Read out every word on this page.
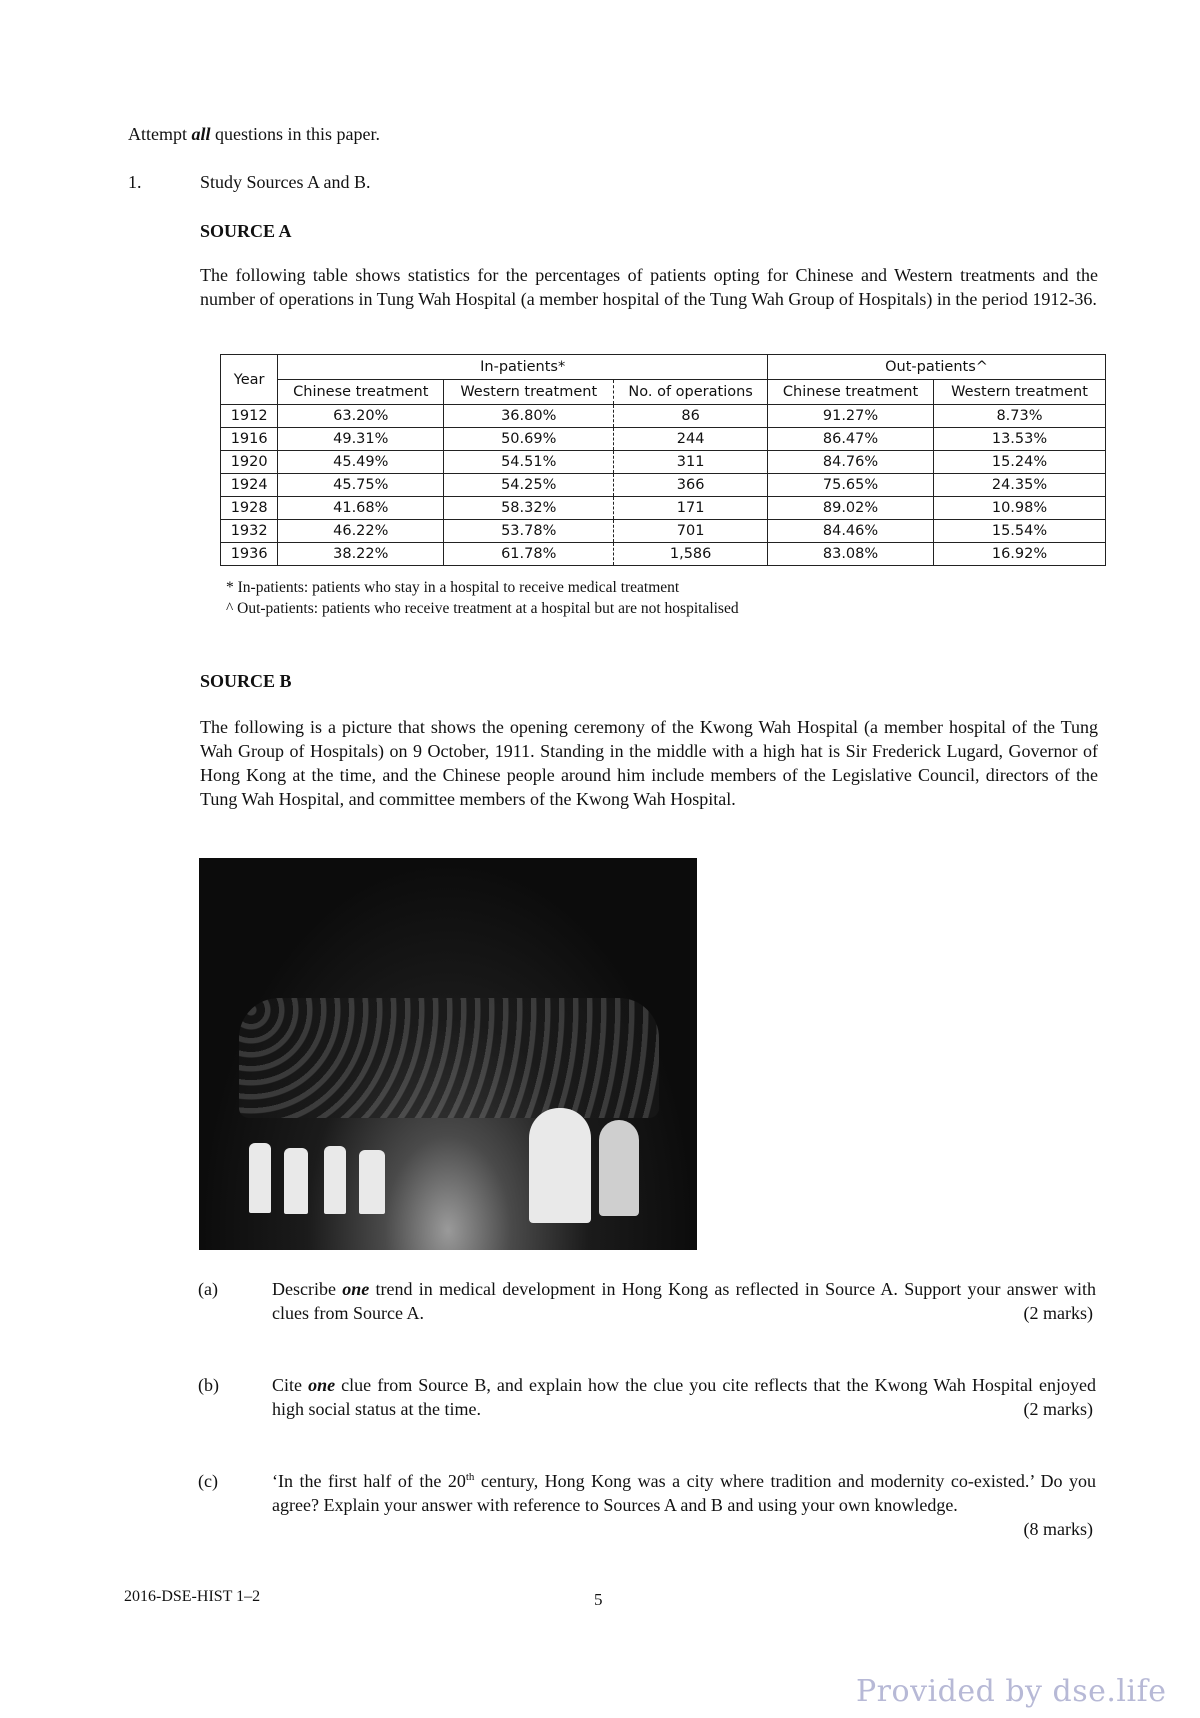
Attempt all questions in this paper.
1.	Study Sources A and B.
SOURCE A
The following table shows statistics for the percentages of patients opting for Chinese and Western treatments and the number of operations in Tung Wah Hospital (a member hospital of the Tung Wah Group of Hospitals) in the period 1912-36.
Year	In-patients*			Out-patients^	
	Chinese treatment	Western treatment	No. of operations	Chinese treatment	Western treatment
1912	63.20%	36.80%	86	91.27%	8.73%
1916	49.31%	50.69%	244	86.47%	13.53%
1920	45.49%	54.51%	311	84.76%	15.24%
1924	45.75%	54.25%	366	75.65%	24.35%
1928	41.68%	58.32%	171	89.02%	10.98%
1932	46.22%	53.78%	701	84.46%	15.54%
1936	38.22%	61.78%	1,586	83.08%	16.92%
* In-patients: patients who stay in a hospital to receive medical treatment
^ Out-patients: patients who receive treatment at a hospital but are not hospitalised
SOURCE B
The following is a picture that shows the opening ceremony of the Kwong Wah Hospital (a member hospital of the Tung Wah Group of Hospitals) on 9 October, 1911. Standing in the middle with a high hat is Sir Frederick Lugard, Governor of Hong Kong at the time, and the Chinese people around him include members of the Legislative Council, directors of the Tung Wah Hospital, and committee members of the Kwong Wah Hospital.
(a)	Describe one trend in medical development in Hong Kong as reflected in Source A. Support your answer with clues from Source A.	(2 marks)
(b)	Cite one clue from Source B, and explain how the clue you cite reflects that the Kwong Wah Hospital enjoyed high social status at the time.	(2 marks)
(c)	‘In the first half of the 20th century, Hong Kong was a city where tradition and modernity co-existed.’ Do you agree? Explain your answer with reference to Sources A and B and using your own knowledge.
(8 marks)
2016-DSE-HIST 1–2	5
Provided by dse.life
